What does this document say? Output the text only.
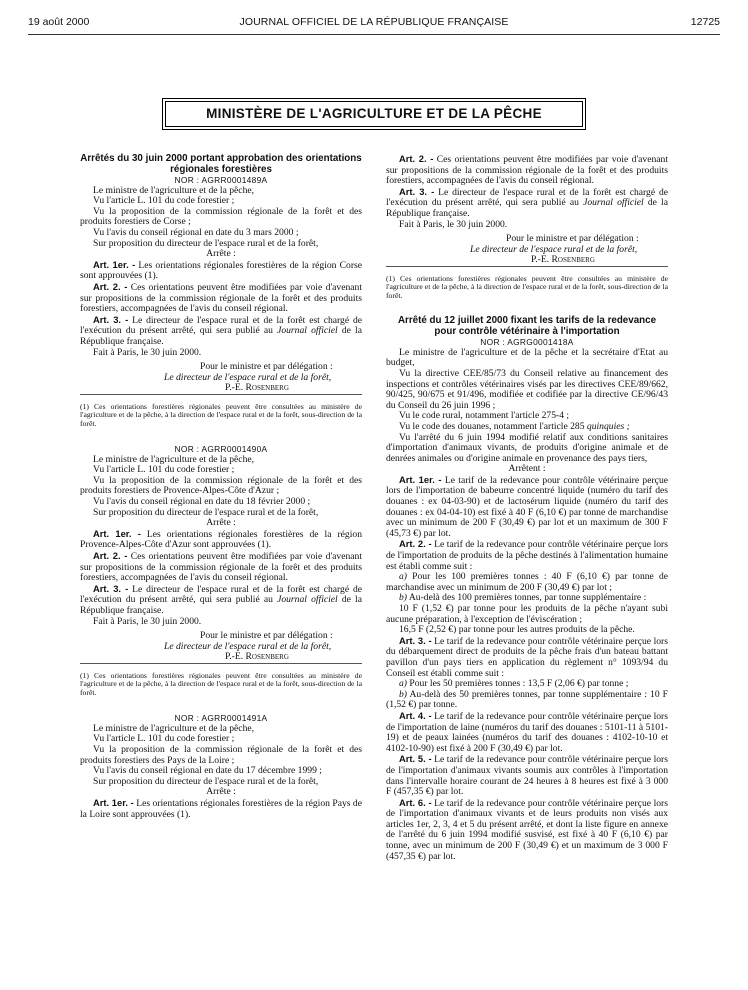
19 août 2000	JOURNAL OFFICIEL DE LA RÉPUBLIQUE FRANÇAISE	12725
MINISTÈRE DE L'AGRICULTURE ET DE LA PÊCHE

Arrêtés du 30 juin 2000 portant approbation des orientations régionales forestières

NOR : AGRR0001489A

Le ministre de l'agriculture et de la pêche,

Vu l'article L. 101 du code forestier ;

Vu la proposition de la commission régionale de la forêt et des produits forestiers de Corse ;

Vu l'avis du conseil régional en date du 3 mars 2000 ;

Sur proposition du directeur de l'espace rural et de la forêt,

Arrête :

Art. 1er. - Les orientations régionales forestières de la région Corse sont approuvées (1).

Art. 2. - Ces orientations peuvent être modifiées par voie d'avenant sur propositions de la commission régionale de la forêt et des produits forestiers, accompagnées de l'avis du conseil régional.

Art. 3. - Le directeur de l'espace rural et de la forêt est chargé de l'exécution du présent arrêté, qui sera publié au Journal officiel de la République française.

Fait à Paris, le 30 juin 2000.

Pour le ministre et par délégation :

Le directeur de l'espace rural et de la forêt,

P.-E. Rosenberg

(1) Ces orientations forestières régionales peuvent être consultées au ministère de l'agriculture et de la pêche, à la direction de l'espace rural et de la forêt, sous-direction de la forêt.

NOR : AGRR0001490A

Le ministre de l'agriculture et de la pêche,

Vu l'article L. 101 du code forestier ;

Vu la proposition de la commission régionale de la forêt et des produits forestiers de Provence-Alpes-Côte d'Azur ;

Vu l'avis du conseil régional en date du 18 février 2000 ;

Sur proposition du directeur de l'espace rural et de la forêt,

Arrête :

Art. 1er. - Les orientations régionales forestières de la région Provence-Alpes-Côte d'Azur sont approuvées (1).

Art. 2. - Ces orientations peuvent être modifiées par voie d'avenant sur propositions de la commission régionale de la forêt et des produits forestiers, accompagnées de l'avis du conseil régional.

Art. 3. - Le directeur de l'espace rural et de la forêt est chargé de l'exécution du présent arrêté, qui sera publié au Journal officiel de la République française.

Fait à Paris, le 30 juin 2000.

Pour le ministre et par délégation :

Le directeur de l'espace rural et de la forêt,

P.-E. Rosenberg

(1) Ces orientations forestières régionales peuvent être consultées au ministère de l'agriculture et de la pêche, à la direction de l'espace rural et de la forêt, sous-direction de la forêt.

NOR : AGRR0001491A

Le ministre de l'agriculture et de la pêche,

Vu l'article L. 101 du code forestier ;

Vu la proposition de la commission régionale de la forêt et des produits forestiers des Pays de la Loire ;

Vu l'avis du conseil régional en date du 17 décembre 1999 ;

Sur proposition du directeur de l'espace rural et de la forêt,

Arrête :

Art. 1er. - Les orientations régionales forestières de la région Pays de la Loire sont approuvées (1).

Art. 2. - Ces orientations peuvent être modifiées par voie d'avenant sur propositions de la commission régionale de la forêt et des produits forestiers, accompagnées de l'avis du conseil régional.

Art. 3. - Le directeur de l'espace rural et de la forêt est chargé de l'exécution du présent arrêté, qui sera publié au Journal officiel de la République française.

Fait à Paris, le 30 juin 2000.

Pour le ministre et par délégation :

Le directeur de l'espace rural et de la forêt,

P.-E. Rosenberg

(1) Ces orientations forestières régionales peuvent être consultées au ministère de l'agriculture et de la pêche, à la direction de l'espace rural et de la forêt, sous-direction de la forêt.

Arrêté du 12 juillet 2000 fixant les tarifs de la redevance pour contrôle vétérinaire à l'importation

NOR : AGRG0001418A

Le ministre de l'agriculture et de la pêche et la secrétaire d'Etat au budget,

Vu la directive CEE/85/73 du Conseil relative au financement des inspections et contrôles vétérinaires visés par les directives CEE/89/662, 90/425, 90/675 et 91/496, modifiée et codifiée par la directive CE/96/43 du Conseil du 26 juin 1996 ;

Vu le code rural, notamment l'article 275-4 ;

Vu le code des douanes, notamment l'article 285 quinquies ;

Vu l'arrêté du 6 juin 1994 modifié relatif aux conditions sanitaires d'importation d'animaux vivants, de produits d'origine animale et de denrées animales ou d'origine animale en provenance des pays tiers,

Arrêtent :

Art. 1er. - Le tarif de la redevance pour contrôle vétérinaire perçue lors de l'importation de babeurre concentré liquide (numéro du tarif des douanes : ex 04-03-90) et de lactosérum liquide (numéro du tarif des douanes : ex 04-04-10) est fixé à 40 F (6,10 €) par tonne de marchandise avec un minimum de 200 F (30,49 €) par lot et un maximum de 300 F (45,73 €) par lot.

Art. 2. - Le tarif de la redevance pour contrôle vétérinaire perçue lors de l'importation de produits de la pêche destinés à l'alimentation humaine est établi comme suit :

a) Pour les 100 premières tonnes : 40 F (6,10 €) par tonne de marchandise avec un minimum de 200 F (30,49 €) par lot ;

b) Au-delà des 100 premières tonnes, par tonne supplémentaire :

10 F (1,52 €) par tonne pour les produits de la pêche n'ayant subi aucune préparation, à l'exception de l'éviscération ;

16,5 F (2,52 €) par tonne pour les autres produits de la pêche.

Art. 3. - Le tarif de la redevance pour contrôle vétérinaire perçue lors du débarquement direct de produits de la pêche frais d'un bateau battant pavillon d'un pays tiers en application du règlement n° 1093/94 du Conseil est établi comme suit :

a) Pour les 50 premières tonnes : 13,5 F (2,06 €) par tonne ;

b) Au-delà des 50 premières tonnes, par tonne supplémentaire : 10 F (1,52 €) par tonne.

Art. 4. - Le tarif de la redevance pour contrôle vétérinaire perçue lors de l'importation de laine (numéros du tarif des douanes : 5101-11 à 5101-19) et de peaux lainées (numéros du tarif des douanes : 4102-10-10 et 4102-10-90) est fixé à 200 F (30,49 €) par lot.

Art. 5. - Le tarif de la redevance pour contrôle vétérinaire perçue lors de l'importation d'animaux vivants soumis aux contrôles à l'importation dans l'intervalle horaire courant de 24 heures à 8 heures est fixé à 3 000 F (457,35 €) par lot.

Art. 6. - Le tarif de la redevance pour contrôle vétérinaire perçue lors de l'importation d'animaux vivants et de leurs produits non visés aux articles 1er, 2, 3, 4 et 5 du présent arrêté, et dont la liste figure en annexe de l'arrêté du 6 juin 1994 modifié susvisé, est fixé à 40 F (6,10 €) par tonne, avec un minimum de 200 F (30,49 €) et un maximum de 3 000 F (457,35 €) par lot.
